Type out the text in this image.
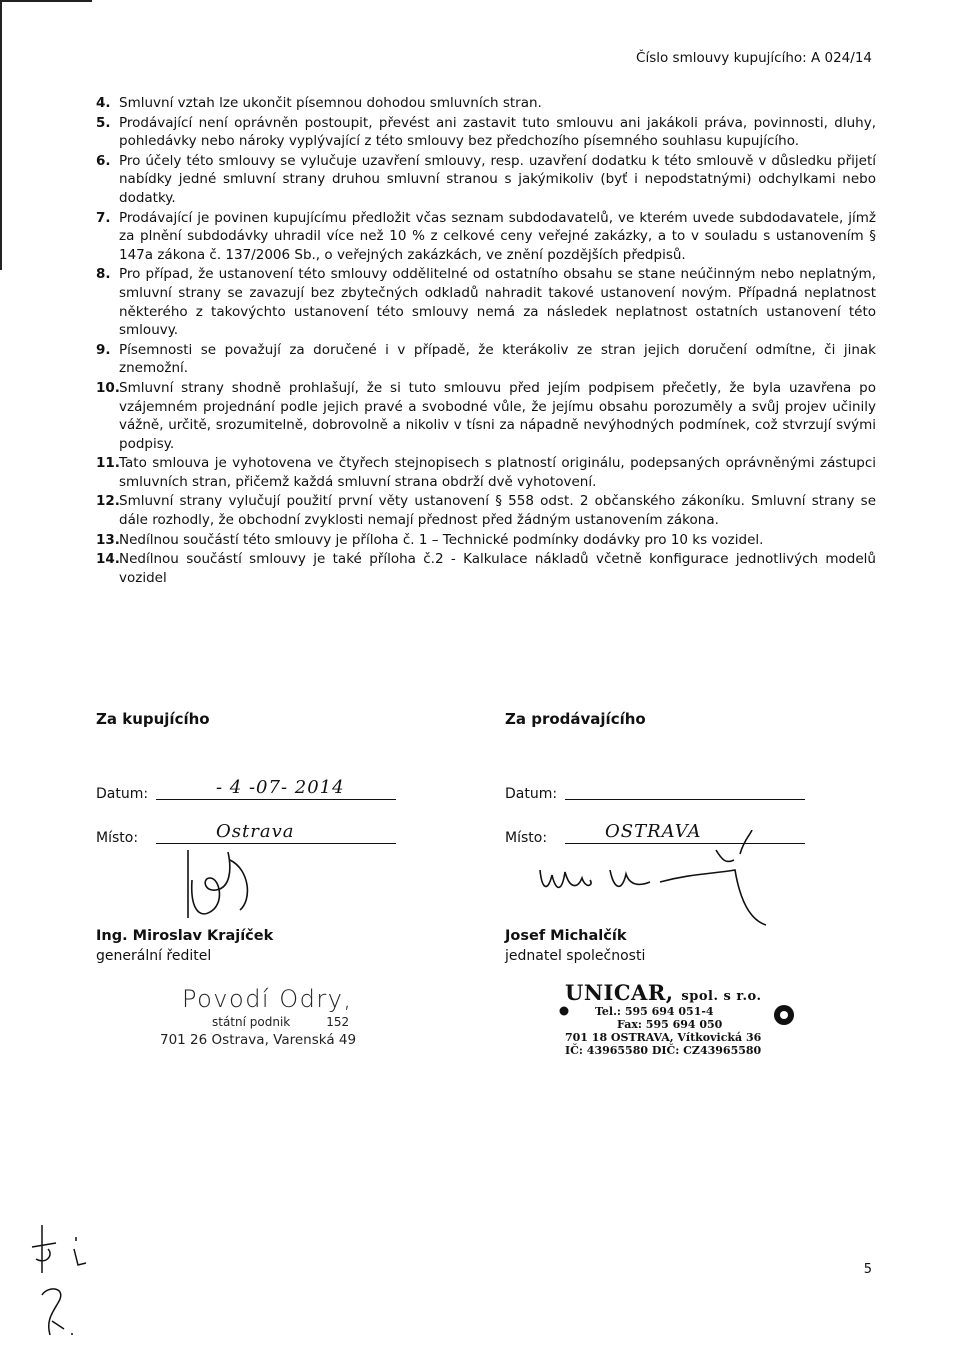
Číslo smlouvy kupujícího: A 024/14
4. Smluvní vztah lze ukončit písemnou dohodou smluvních stran.
5. Prodávající není oprávněn postoupit, převést ani zastavit tuto smlouvu ani jakákoli práva, povinnosti, dluhy, pohledávky nebo nároky vyplývající z této smlouvy bez předchozího písemného souhlasu kupujícího.
6. Pro účely této smlouvy se vylučuje uzavření smlouvy, resp. uzavření dodatku k této smlouvě v důsledku přijetí nabídky jedné smluvní strany druhou smluvní stranou s jakýmikoliv (byť i nepodstatnými) odchylkami nebo dodatky.
7. Prodávající je povinen kupujícímu předložit včas seznam subdodavatelů, ve kterém uvede subdodavatele, jímž za plnění subdodávky uhradil více než 10 % z celkové ceny veřejné zakázky, a to v souladu s ustanovením § 147a zákona č. 137/2006 Sb., o veřejných zakázkách, ve znění pozdějších předpisů.
8. Pro případ, že ustanovení této smlouvy oddělitelné od ostatního obsahu se stane neúčinným nebo neplatným, smluvní strany se zavazují bez zbytečných odkladů nahradit takové ustanovení novým. Případná neplatnost některého z takovýchto ustanovení této smlouvy nemá za následek neplatnost ostatních ustanovení této smlouvy.
9. Písemnosti se považují za doručené i v případě, že kterákoliv ze stran jejich doručení odmítne, či jinak znemožní.
10. Smluvní strany shodně prohlašují, že si tuto smlouvu před jejím podpisem přečetly, že byla uzavřena po vzájemném projednání podle jejich pravé a svobodné vůle, že jejímu obsahu porozuměly a svůj projev učinily vážně, určitě, srozumitelně, dobrovolně a nikoliv v tísni za nápadně nevýhodných podmínek, což stvrzují svými podpisy.
11. Tato smlouva je vyhotovena ve čtyřech stejnopisech s platností originálu, podepsaných oprávněnými zástupci smluvních stran, přičemž každá smluvní strana obdrží dvě vyhotovení.
12. Smluvní strany vylučují použití první věty ustanovení § 558 odst. 2 občanského zákoníku. Smluvní strany se dále rozhodly, že obchodní zvyklosti nemají přednost před žádným ustanovením zákona.
13. Nedílnou součástí této smlouvy je příloha č. 1 – Technické podmínky dodávky pro 10 ks vozidel.
14. Nedílnou součástí smlouvy je také příloha č.2 - Kalkulace nákladů včetně konfigurace jednotlivých modelů vozidel
Za kupujícího
Datum:	- 4 -07- 2014
Místo:	Ostrava
Ing. Miroslav Krajíček
generální ředitel
Povodí Odry,
státní podnik	152
701 26 Ostrava, Varenská 49
Za prodávajícího
Datum:
Místo:	OSTRAVA
Josef Michalčík
jednatel společnosti
UNICAR, spol. s r.o.
Tel.: 595 694 051-4
Fax: 595 694 050
701 18 OSTRAVA, Vítkovická 36
IČ: 43965580 DIČ: CZ43965580
5
